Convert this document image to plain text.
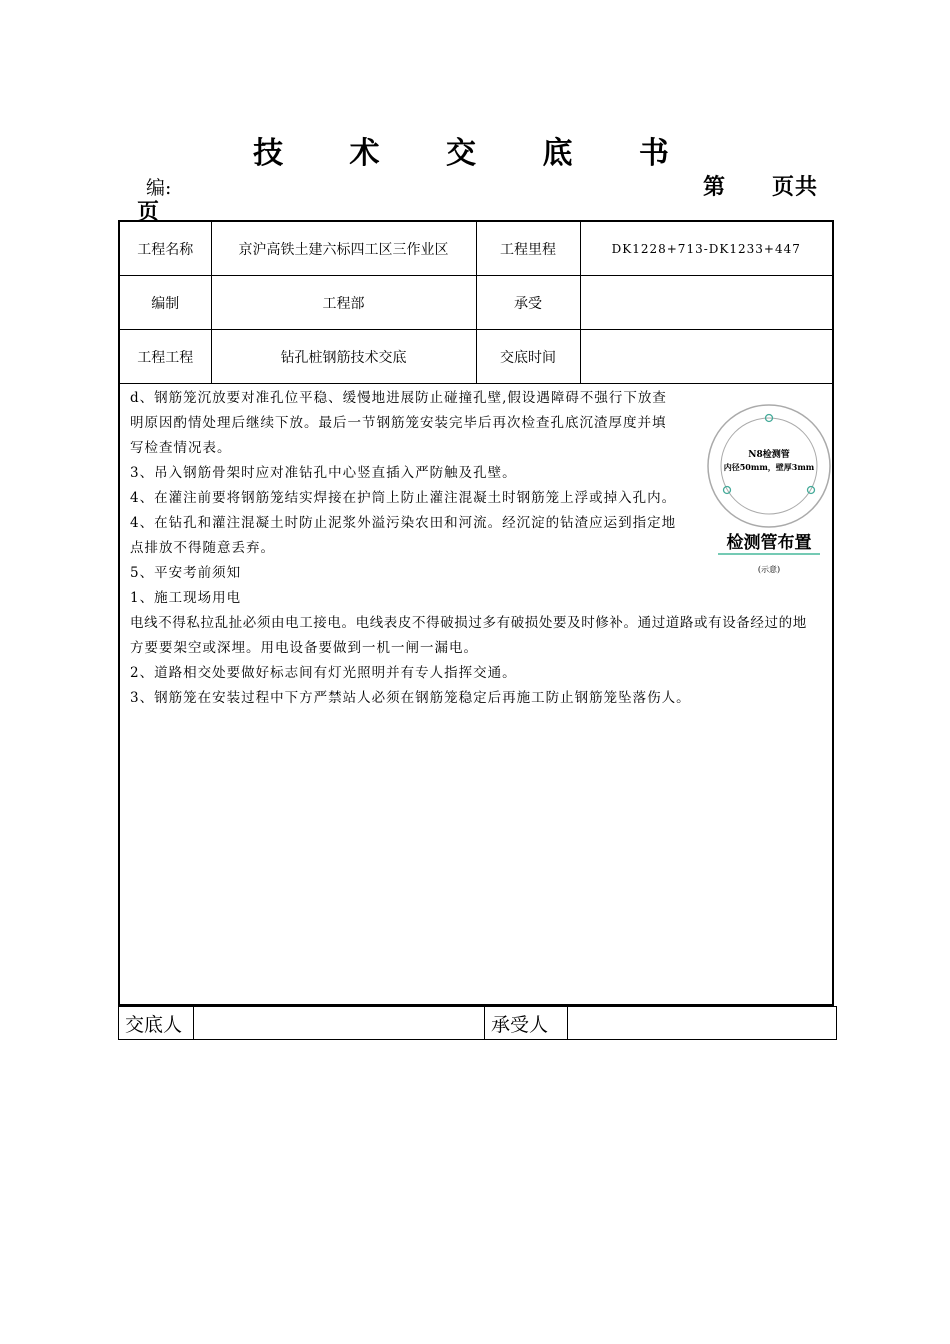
技 术 交 底 书
编:	第　　页共
页
工程名称	京沪高铁土建六标四工区三作业区	工程里程	DK1228+713-DK1233+447
编制	工程部	承受	
工程工程	钻孔桩钢筋技术交底	交底时间	
d、钢筋笼沉放要对准孔位平稳、缓慢地进展防止碰撞孔壁,假设遇障碍不强行下放查
明原因酌情处理后继续下放。最后一节钢筋笼安装完毕后再次检查孔底沉渣厚度并填
写检查情况表。
3、吊入钢筋骨架时应对准钻孔中心竖直插入严防触及孔壁。
4、在灌注前要将钢筋笼结实焊接在护筒上防止灌注混凝土时钢筋笼上浮或掉入孔内。
4、在钻孔和灌注混凝土时防止泥浆外溢污染农田和河流。经沉淀的钻渣应运到指定地
点排放不得随意丢弃。
5、平安考前须知
1、施工现场用电
电线不得私拉乱扯必须由电工接电。电线表皮不得破损过多有破损处要及时修补。通过道路或有设备经过的地
方要要架空或深埋。用电设备要做到一机一闸一漏电。
2、道路相交处要做好标志间有灯光照明并有专人指挥交通。
3、钢筋笼在安装过程中下方严禁站人必须在钢筋笼稳定后再施工防止钢筋笼坠落伤人。
N8检测管
内径50mm，壁厚3mm
检测管布置
(示意)
交底人		承受人	
